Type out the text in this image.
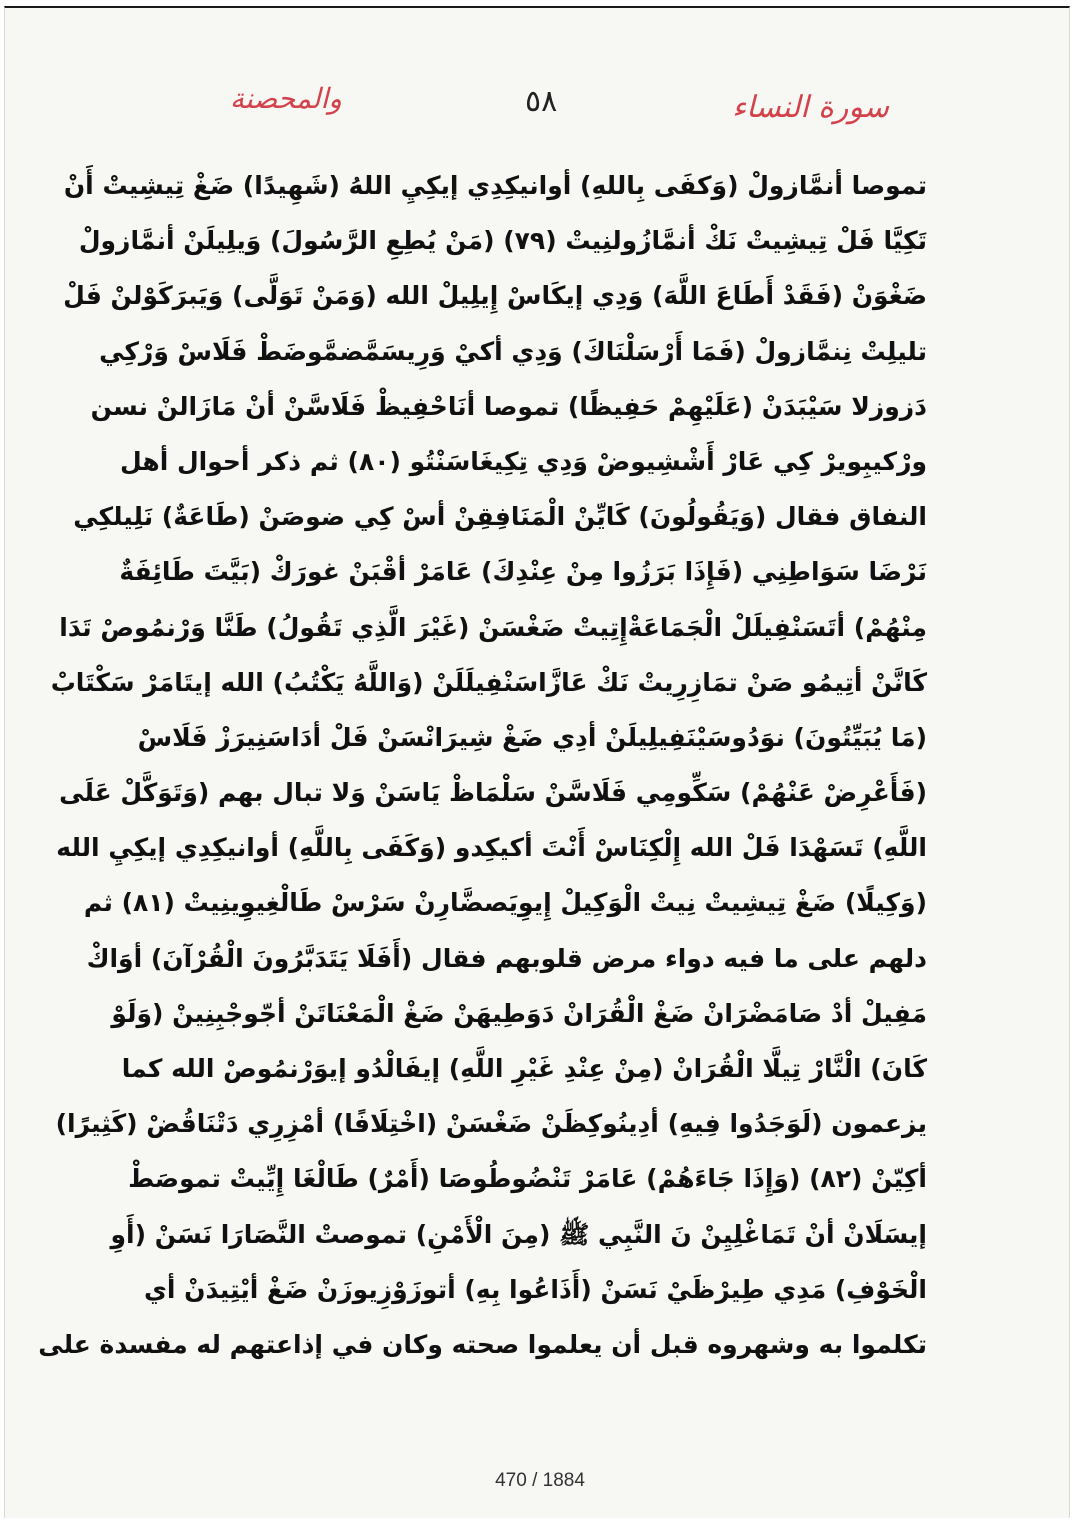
سورة النساء
٥٨
والمحصنة
تموصا أنمَّازولْ (وَكفَى بِاللهِ) أوانيكِدِي إيكِيِ اللهُ (شَهِيدًا) ضَغْ تِيشِيتْ أَنْ
تَكِيَّا فَلْ تِيشِيتْ نَكْ أنمَّازُولنِيتْ (٧٩) (مَنْ يُطِعِ الرَّسُولَ) وَيلِيلَنْ أنمَّازولْ
ضَغْوَنْ (فَقَدْ أَطَاعَ اللَّهَ) وَدِي إيكَاسْ إِيلِيلْ الله (وَمَنْ تَوَلَّى) وَيَبرَكَوْلنْ فَلْ
تليلِتْ نِنمَّازولْ (فَمَا أَرْسَلْنَاكَ) وَدِي أكيْ وَرِيسَمَّضمَّوضَطْ فَلَاسْ وَرْكِي
دَزوزلا سَيْبَدَنْ (عَلَيْهِمْ حَفِيظًا) تموصا أنَاحْفِيظْ فَلَاسَّنْ أنْ مَازَالنْ نسن
ورْكيبِويرْ كِي عَارْ أَشْشِيوضْ وَدِي تِكِيغَاسَنْتُو (٨٠) ثم ذكر أحوال أهل
النفاق فقال (وَيَقُولُونَ) كَايِّنْ الْمَنَافِقِنْ أسْ كِي ضوصَنْ (طَاعَةٌ) نَلِيلكِي
نَرْضَا سَوَاطِنِي (فَإِذَا بَرَزُوا مِنْ عِنْدِكَ) عَامَرْ أقْبَنْ غورَكْ (بَيَّتَ طَائِفَةٌ
مِنْهُمْ) أتَسَنْفِيلَلْ الْجَمَاعَةْإِتِيتْ ضَغْسَنْ (غَيْرَ الَّذِي تَقُولُ) طَنَّا وَرْنمُوصْ تَدَا
كَانَّنْ أتِيمُو صَنْ تمَازِرِيتْ نَكْ عَازَّاسَنْفِيلَلَنْ (وَاللَّهُ يَكْتُبُ) الله إيتَامَرْ سَكْتَابْ
(مَا يُبَيِّتُونَ) نوَدُوسَيْنَفِيلِيلَنْ أدِي ضَغْ شِيرَانْسَنْ فَلْ أدَاسَنِيرَزْ فَلَاسْ
(فَأَعْرِضْ عَنْهُمْ) سَكِّومِي فَلَاسَّنْ سَلْمَاظْ يَاسَنْ وَلا تبال بهم (وَتَوَكَّلْ عَلَى
اللَّهِ) تَسَهْدَا فَلْ الله إِلْكِنَاسْ أَنْتَ أكيكِدو (وَكَفَى بِاللَّهِ) أوانيكِدِي إيكِيِ الله
(وَكِيلًا) ضَغْ تِيشِيتْ نِيتْ الْوَكِيلْ إِيوِيَصضَّارِنْ سَرْسْ طَالْغِيوِينِيتْ (٨١) ثم
دلهم على ما فيه دواء مرض قلوبهم فقال (أَفَلَا يَتَدَبَّرُونَ الْقُرْآنَ) أوَاكْ
مَفِيلْ أدْ صَامَضْرَانْ ضَغْ الْقُرَانْ دَوَطِيهَنْ ضَغْ الْمَعْنَاتَنْ أجّوجْبِنِينْ (وَلَوْ
كَانَ) الْنَّارْ تِيلَّا الْقُرَانْ (مِنْ عِنْدِ غَيْرِ اللَّهِ) إيفَالْدُو إيوَرْنمُوصْ الله كما
يزعمون (لَوَجَدُوا فِيهِ) أدِينُوكِظَنْ ضَغْسَنْ (اخْتِلَافًا) أمْزِرِي دَتْنَاقُضْ (كَثِيرًا)
أكِيّنْ (٨٢) (وَإِذَا جَاءَهُمْ) عَامَرْ تَنْضُوطُوصَا (أَمْرٌ) طَالْغَا إِيِّيتْ تموصَطْ
إيسَلَانْ أنْ تَمَاغْلِيِنْ نَ النَّبِي ﷺ (مِنَ الْأَمْنِ) تموصتْ النَّصَارَا نَسَنْ (أَوِ
الْخَوْفِ) مَدِي طِيرْظَيْ نَسَنْ (أَذَاعُوا بِهِ) أتوزَوْزِيوزَنْ ضَغْ أيْتِيدَنْ أي
تكلموا به وشهروه قبل أن يعلموا صحته وكان في إذاعتهم له مفسدة على
470 / 1884
